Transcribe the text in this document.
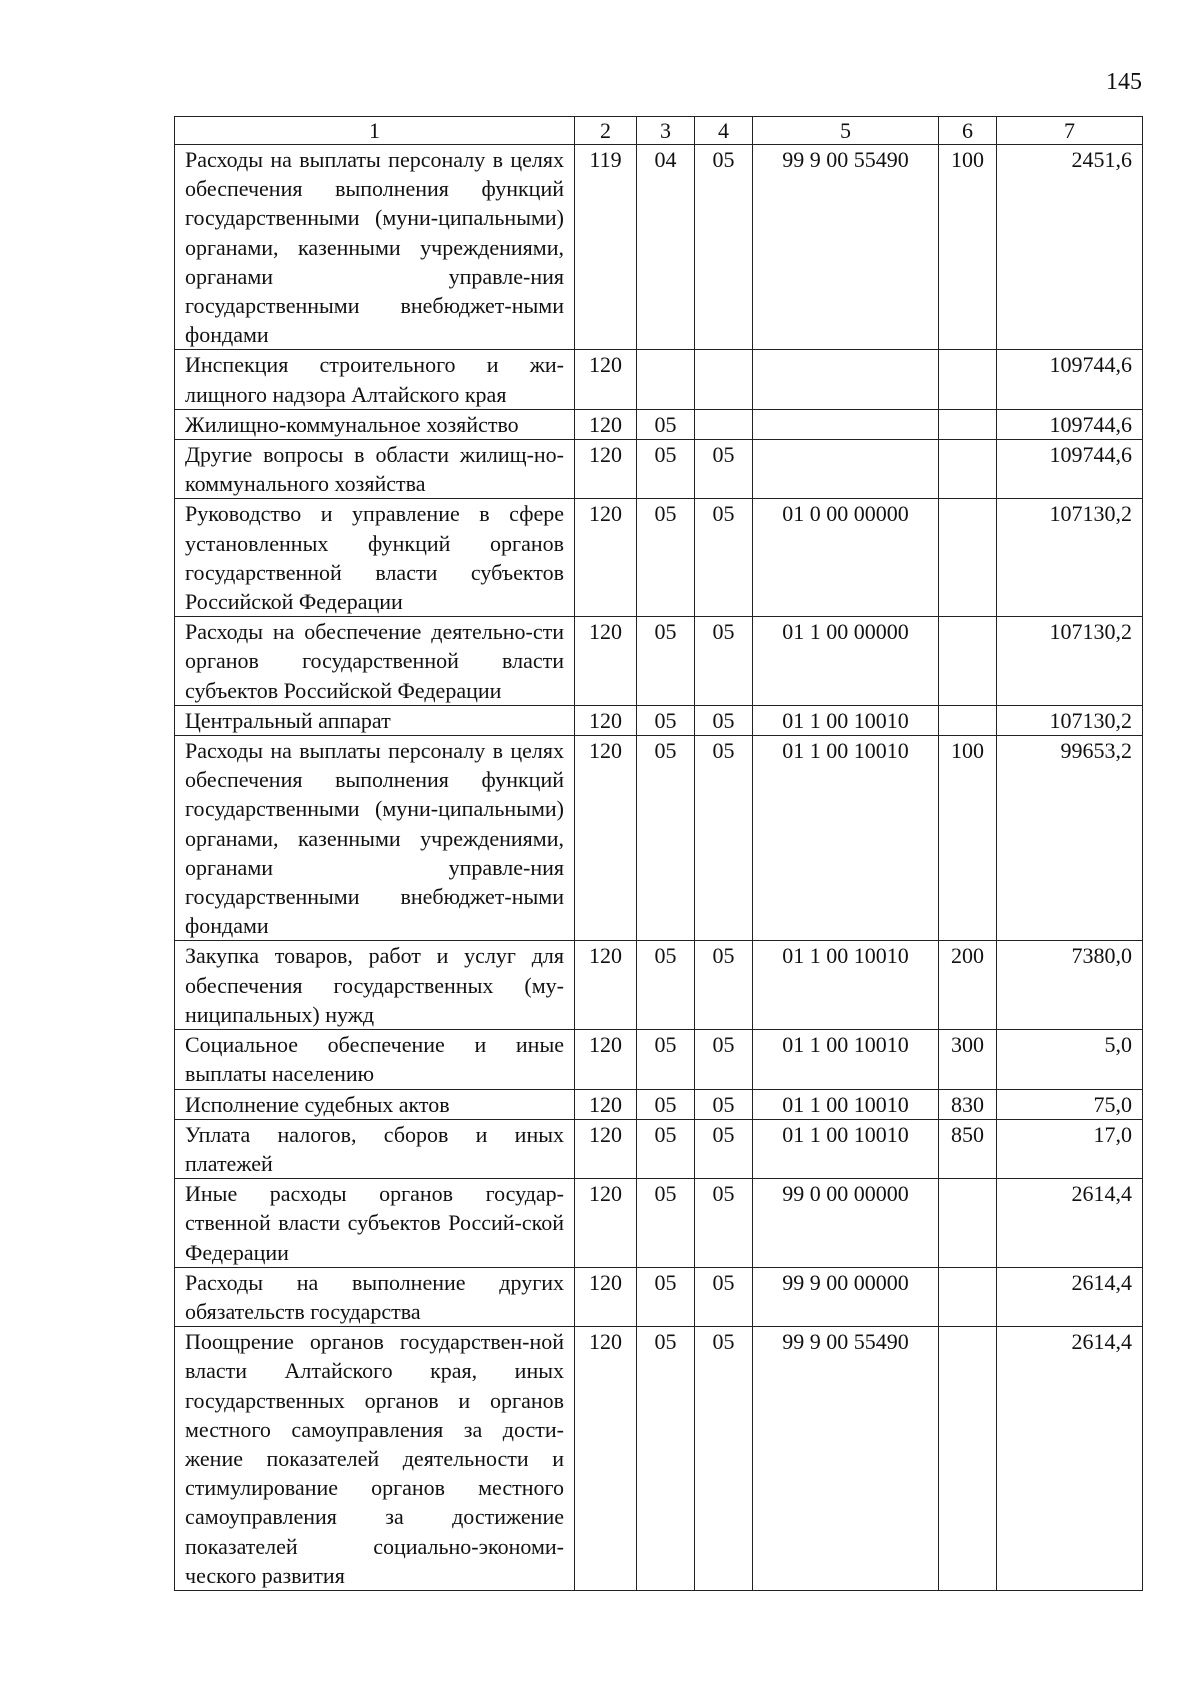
145
1	2	3	4	5	6	7
Расходы на выплаты персоналу в целях обеспечения выполнения функций государственными (муни-ципальными) органами, казенными учреждениями, органами управле-ния государственными внебюджет-ными фондами	119	04	05	99 9 00 55490	100	2451,6
Инспекция строительного и жи-лищного надзора Алтайского края	120					109744,6
Жилищно-коммунальное хозяйство	120	05				109744,6
Другие вопросы в области жилищ-но-коммунального хозяйства	120	05	05			109744,6
Руководство и управление в сфере установленных функций органов государственной власти субъектов Российской Федерации	120	05	05	01 0 00 00000		107130,2
Расходы на обеспечение деятельно-сти органов государственной власти субъектов Российской Федерации	120	05	05	01 1 00 00000		107130,2
Центральный аппарат	120	05	05	01 1 00 10010		107130,2
Расходы на выплаты персоналу в целях обеспечения выполнения функций государственными (муни-ципальными) органами, казенными учреждениями, органами управле-ния государственными внебюджет-ными фондами	120	05	05	01 1 00 10010	100	99653,2
Закупка товаров, работ и услуг для обеспечения государственных (му-ниципальных) нужд	120	05	05	01 1 00 10010	200	7380,0
Социальное обеспечение и иные выплаты населению	120	05	05	01 1 00 10010	300	5,0
Исполнение судебных актов	120	05	05	01 1 00 10010	830	75,0
Уплата налогов, сборов и иных платежей	120	05	05	01 1 00 10010	850	17,0
Иные расходы органов государ-ственной власти субъектов Россий-ской Федерации	120	05	05	99 0 00 00000		2614,4
Расходы на выполнение других обязательств государства	120	05	05	99 9 00 00000		2614,4
Поощрение органов государствен-ной власти Алтайского края, иных государственных органов и органов местного самоуправления за дости-жение показателей деятельности и стимулирование органов местного самоуправления за достижение показателей социально-экономи-ческого развития	120	05	05	99 9 00 55490		2614,4
